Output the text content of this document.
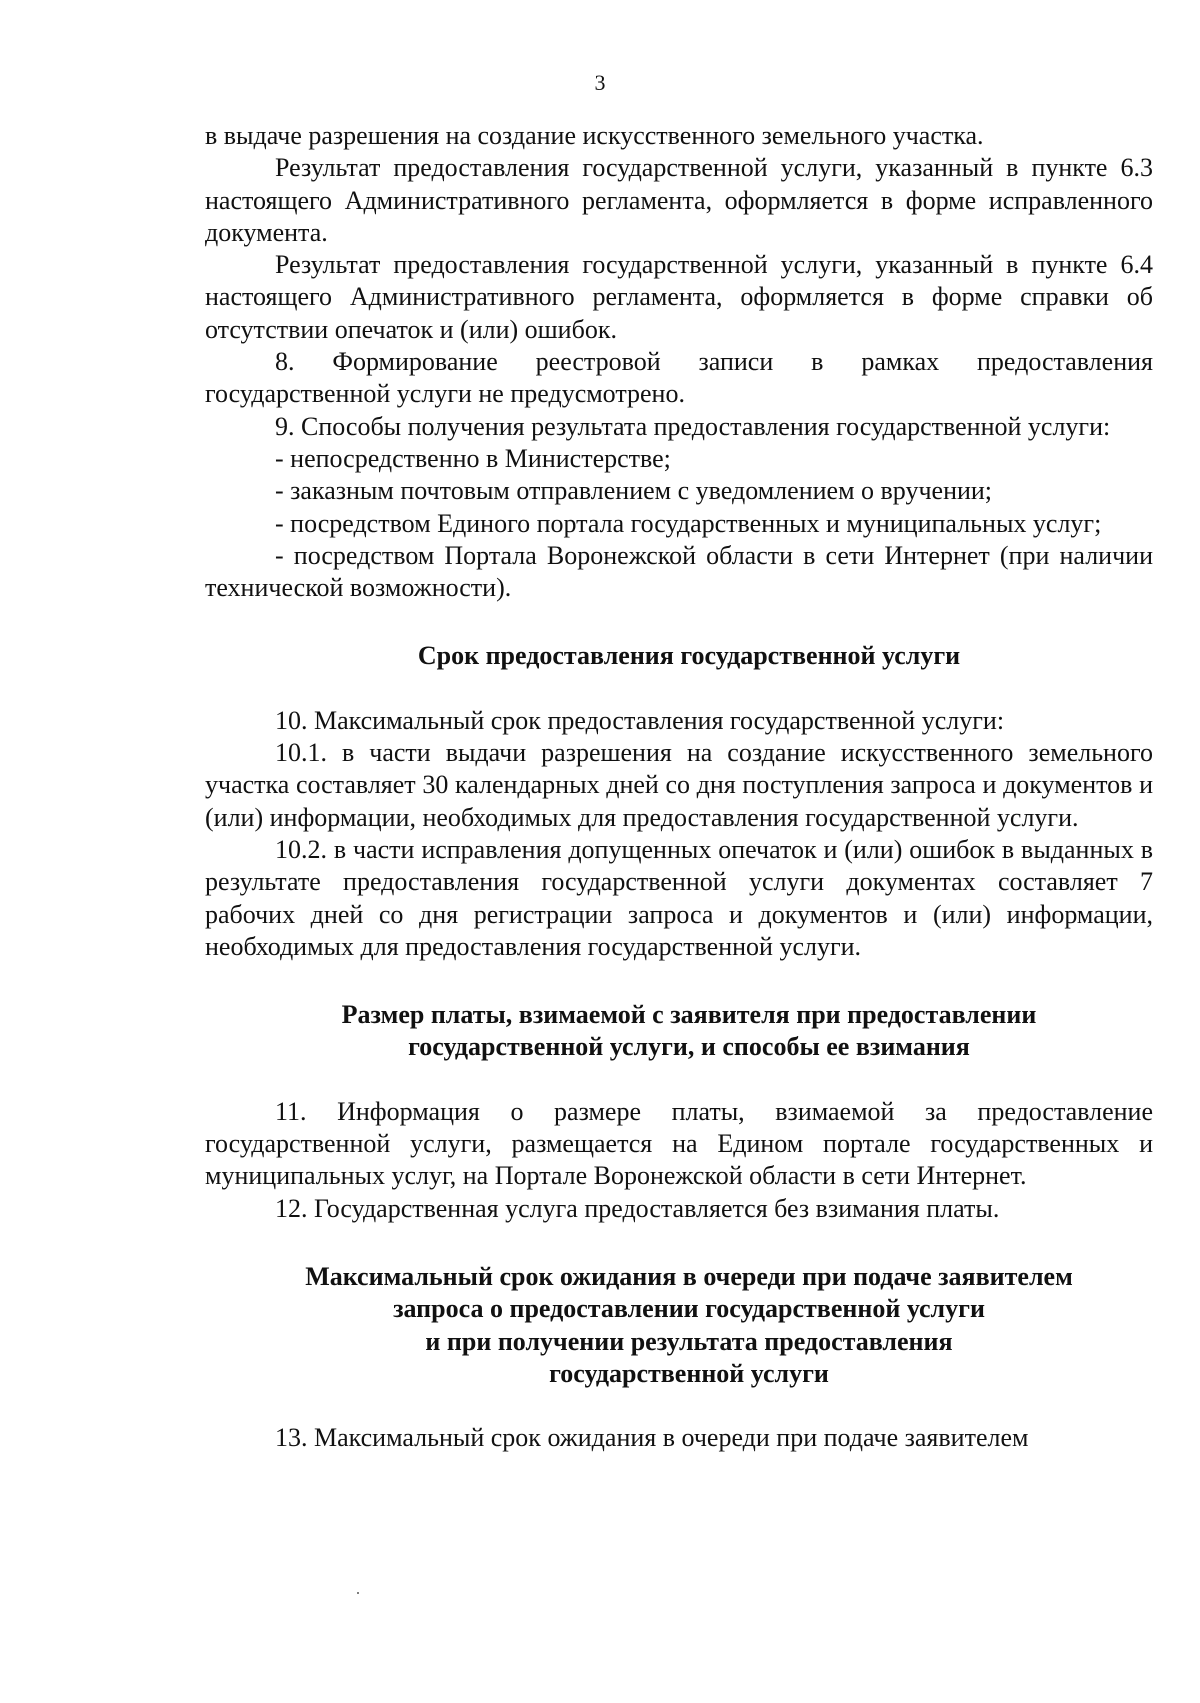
3

в выдаче разрешения на создание искусственного земельного участка.

Результат предоставления государственной услуги, указанный в пункте 6.3 настоящего Административного регламента, оформляется в форме исправленного документа.

Результат предоставления государственной услуги, указанный в пункте 6.4 настоящего Административного регламента, оформляется в форме справки об отсутствии опечаток и (или) ошибок.

8. Формирование реестровой записи в рамках предоставления государственной услуги не предусмотрено.

9. Способы получения результата предоставления государственной услуги:

- непосредственно в Министерстве;

- заказным почтовым отправлением с уведомлением о вручении;

- посредством Единого портала государственных и муниципальных услуг;

- посредством Портала Воронежской области в сети Интернет (при наличии технической возможности).

Срок предоставления государственной услуги

10. Максимальный срок предоставления государственной услуги:

10.1. в части выдачи разрешения на создание искусственного земельного участка составляет 30 календарных дней со дня поступления запроса и документов и (или) информации, необходимых для предоставления государственной услуги.

10.2. в части исправления допущенных опечаток и (или) ошибок в выданных в результате предоставления государственной услуги документах составляет 7 рабочих дней со дня регистрации запроса и документов и (или) информации, необходимых для предоставления государственной услуги.

Размер платы, взимаемой с заявителя при предоставлении
государственной услуги, и способы ее взимания

11. Информация о размере платы, взимаемой за предоставление государственной услуги, размещается на Едином портале государственных и муниципальных услуг, на Портале Воронежской области в сети Интернет.

12. Государственная услуга предоставляется без взимания платы.

Максимальный срок ожидания в очереди при подаче заявителем
запроса о предоставлении государственной услуги
и при получении результата предоставления
государственной услуги

13. Максимальный срок ожидания в очереди при подаче заявителем
